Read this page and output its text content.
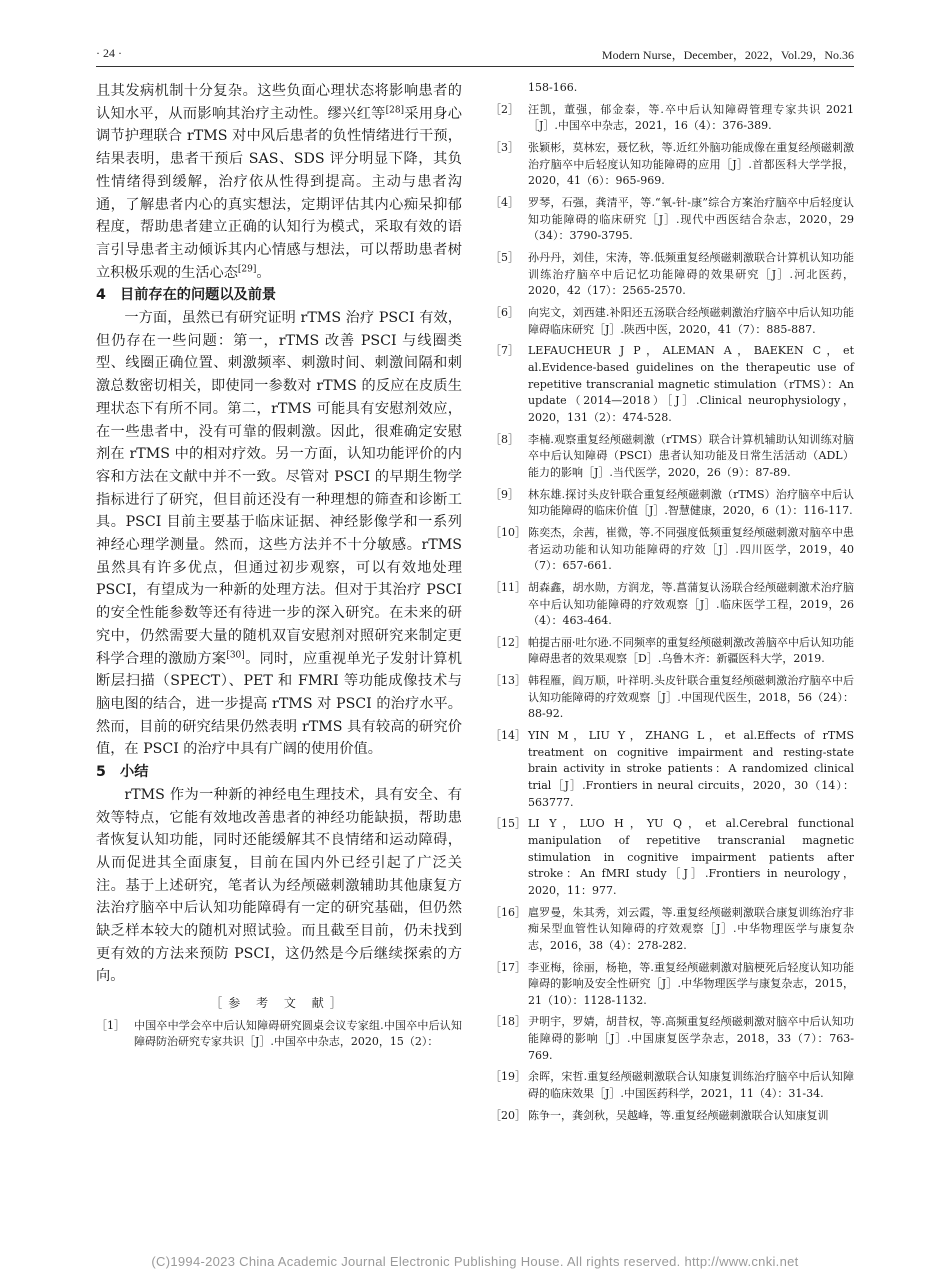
· 24 ·	Modern Nurse，December，2022，Vol.29，No.36

且其发病机制十分复杂。这些负面心理状态将影响患者的认知水平，从而影响其治疗主动性。缪兴红等[28]采用身心调节护理联合 rTMS 对中风后患者的负性情绪进行干预，结果表明，患者干预后 SAS、SDS 评分明显下降，其负性情绪得到缓解，治疗依从性得到提高。主动与患者沟通，了解患者内心的真实想法，定期评估其内心痴呆抑郁程度，帮助患者建立正确的认知行为模式，采取有效的语言引导患者主动倾诉其内心情感与想法，可以帮助患者树立积极乐观的生活心态[29]。

4 目前存在的问题以及前景

一方面，虽然已有研究证明 rTMS 治疗 PSCI 有效，但仍存在一些问题：第一，rTMS 改善 PSCI 与线圈类型、线圈正确位置、刺激频率、刺激时间、刺激间隔和刺激总数密切相关，即使同一参数对 rTMS 的反应在皮质生理状态下有所不同。第二，rTMS 可能具有安慰剂效应，在一些患者中，没有可靠的假刺激。因此，很难确定安慰剂在 rTMS 中的相对疗效。另一方面，认知功能评价的内容和方法在文献中并不一致。尽管对 PSCI 的早期生物学指标进行了研究，但目前还没有一种理想的筛查和诊断工具。PSCI 目前主要基于临床证据、神经影像学和一系列神经心理学测量。然而，这些方法并不十分敏感。rTMS 虽然具有许多优点，但通过初步观察，可以有效地处理 PSCI，有望成为一种新的处理方法。但对于其治疗 PSCI 的安全性能参数等还有待进一步的深入研究。在未来的研究中，仍然需要大量的随机双盲安慰剂对照研究来制定更科学合理的激励方案[30]。同时，应重视单光子发射计算机断层扫描（SPECT）、PET 和 FMRI 等功能成像技术与脑电图的结合，进一步提高 rTMS 对 PSCI 的治疗水平。然而，目前的研究结果仍然表明 rTMS 具有较高的研究价值，在 PSCI 的治疗中具有广阔的使用价值。

5 小结

rTMS 作为一种新的神经电生理技术，具有安全、有效等特点，它能有效地改善患者的神经功能缺损，帮助患者恢复认知功能，同时还能缓解其不良情绪和运动障碍，从而促进其全面康复，目前在国内外已经引起了广泛关注。基于上述研究，笔者认为经颅磁刺激辅助其他康复方法治疗脑卒中后认知功能障碍有一定的研究基础，但仍然缺乏样本较大的随机对照试验。而且截至目前，仍未找到更有效的方法来预防 PSCI，这仍然是今后继续探索的方向。

［参 考 文 献］
［1］ 中国卒中学会卒中后认知障碍研究圆桌会议专家组.中国卒中后认知障碍防治研究专家共识［J］.中国卒中杂志，2020，15（2）：
158-166.
［2］ 汪凯，董强，郁金泰，等.卒中后认知障碍管理专家共识 2021［J］.中国卒中杂志，2021，16（4）：376-389.
［3］ 张颖彬，莫林宏，聂忆秋，等.近红外脑功能成像在重复经颅磁刺激治疗脑卒中后轻度认知功能障碍的应用［J］.首都医科大学学报，2020，41（6）：965-969.
［4］ 罗琴，石强，龚清平，等.“氧-针-康”综合方案治疗脑卒中后轻度认知功能障碍的临床研究［J］.现代中西医结合杂志，2020，29（34）：3790-3795.
［5］ 孙丹丹，刘佳，宋涛，等.低频重复经颅磁刺激联合计算机认知功能训练治疗脑卒中后记忆功能障碍的效果研究［J］.河北医药，2020，42（17）：2565-2570.
［6］ 向宪文，刘西建.补阳还五汤联合经颅磁刺激治疗脑卒中后认知功能障碍临床研究［J］.陕西中医，2020，41（7）：885-887.
［7］ LEFAUCHEUR J P，ALEMAN A，BAEKEN C，et al.Evidence-based guidelines on the therapeutic use of repetitive transcranial magnetic stimulation（rTMS）：An update（2014—2018）［J］.Clinical neurophysiology，2020，131（2）：474-528.
［8］ 李楠.观察重复经颅磁刺激（rTMS）联合计算机辅助认知训练对脑卒中后认知障碍（PSCI）患者认知功能及日常生活活动（ADL）能力的影响［J］.当代医学，2020，26（9）：87-89.
［9］ 林东雄.探讨头皮针联合重复经颅磁刺激（rTMS）治疗脑卒中后认知功能障碍的临床价值［J］.智慧健康，2020，6（1）：116-117.
［10］ 陈奕杰，余茜，崔微，等.不同强度低频重复经颅磁刺激对脑卒中患者运动功能和认知功能障碍的疗效［J］.四川医学，2019，40（7）：657-661.
［11］ 胡森鑫，胡水勋，方润龙，等.菖蒲复认汤联合经颅磁刺激术治疗脑卒中后认知功能障碍的疗效观察［J］.临床医学工程，2019，26（4）：463-464.
［12］ 帕提古丽·吐尔逊.不同频率的重复经颅磁刺激改善脑卒中后认知功能障碍患者的效果观察［D］.乌鲁木齐：新疆医科大学，2019.
［13］ 韩程雁，阎万顺，叶祥明.头皮针联合重复经颅磁刺激治疗脑卒中后认知功能障碍的疗效观察［J］.中国现代医生，2018，56（24）：88-92.
［14］ YIN M，LIU Y，ZHANG L，et al.Effects of rTMS treatment on cognitive impairment and resting-state brain activity in stroke patients：A randomized clinical trial［J］.Frontiers in neural circuits，2020，30（14）：563777.
［15］ LI Y，LUO H，YU Q，et al.Cerebral functional manipulation of repetitive transcranial magnetic stimulation in cognitive impairment patients after stroke：An fMRI study［J］.Frontiers in neurology，2020，11：977.
［16］ 扈罗曼，朱其秀，刘云霞，等.重复经颅磁刺激联合康复训练治疗非痴呆型血管性认知障碍的疗效观察［J］.中华物理医学与康复杂志，2016，38（4）：278-282.
［17］ 李亚梅，徐丽，杨艳，等.重复经颅磁刺激对脑梗死后轻度认知功能障碍的影响及安全性研究［J］.中华物理医学与康复杂志，2015，21（10）：1128-1132.
［18］ 尹明宇，罗婧，胡昔权，等.高频重复经颅磁刺激对脑卒中后认知功能障碍的影响［J］.中国康复医学杂志，2018，33（7）：763-769.
［19］ 余晖，宋哲.重复经颅磁刺激联合认知康复训练治疗脑卒中后认知障碍的临床效果［J］.中国医药科学，2021，11（4）：31-34.
［20］ 陈争一，龚剑秋，吴越峰，等.重复经颅磁刺激联合认知康复训
(C)1994-2023 China Academic Journal Electronic Publishing House. All rights reserved. http://www.cnki.net
